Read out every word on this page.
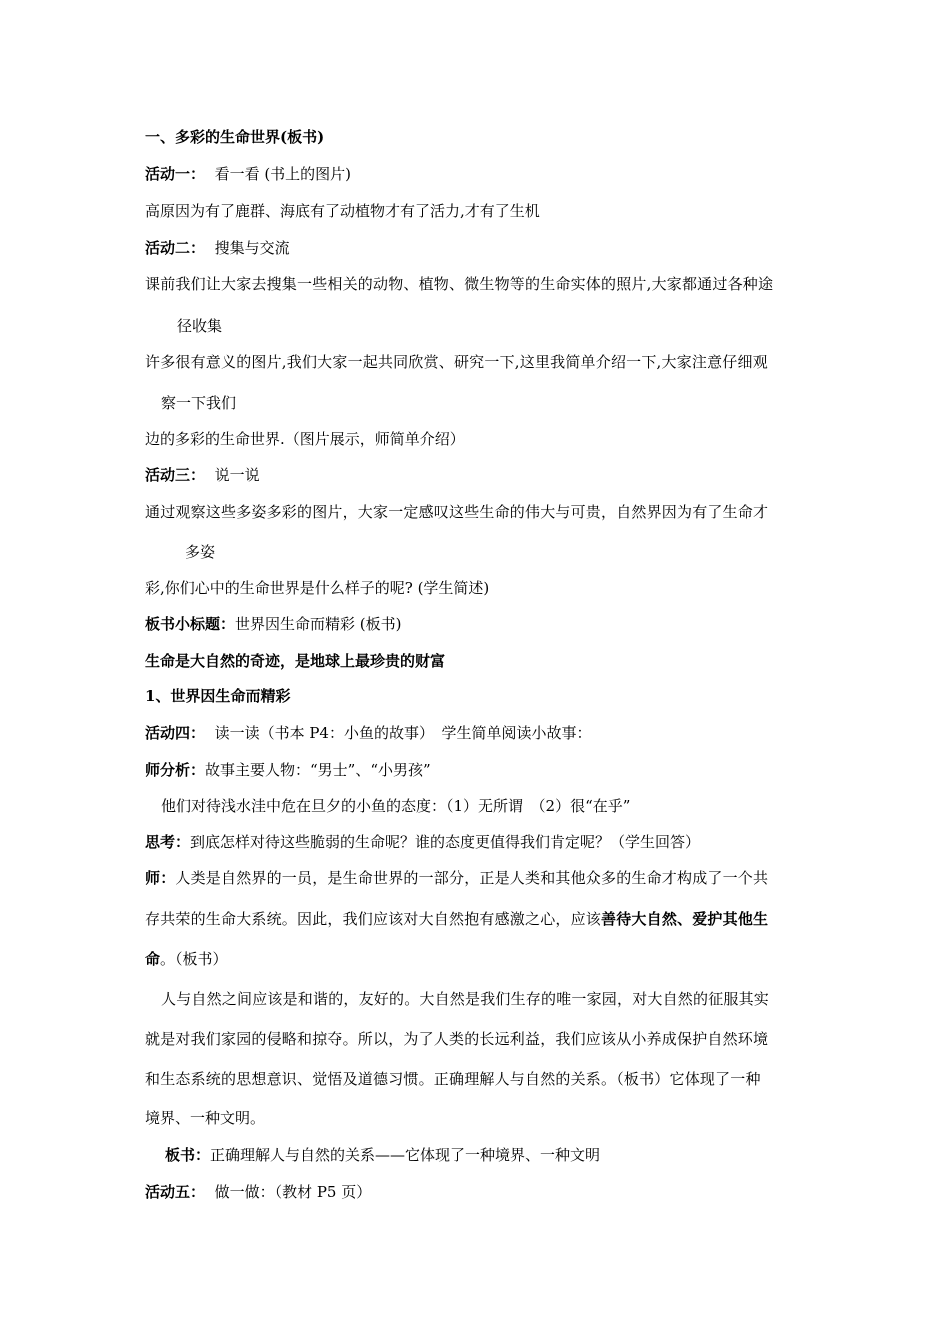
一、多彩的生命世界(板书)
活动一： 看一看 (书上的图片)
高原因为有了鹿群、海底有了动植物才有了活力,才有了生机
活动二： 搜集与交流
课前我们让大家去搜集一些相关的动物、植物、微生物等的生命实体的照片,大家都通过各种途
径收集
许多很有意义的图片,我们大家一起共同欣赏、研究一下,这里我简单介绍一下,大家注意仔细观
察一下我们
边的多彩的生命世界.（图片展示，师简单介绍）
活动三： 说一说
通过观察这些多姿多彩的图片，大家一定感叹这些生命的伟大与可贵，自然界因为有了生命才
多姿
彩,你们心中的生命世界是什么样子的呢? (学生简述)
板书小标题：世界因生命而精彩 (板书)
生命是大自然的奇迹，是地球上最珍贵的财富
1、世界因生命而精彩
活动四： 读一读（书本 P4：小鱼的故事）　学生简单阅读小故事：
师分析：故事主要人物：“男士”、“小男孩”
他们对待浅水洼中危在旦夕的小鱼的态度：（1）无所谓　（2）很“在乎”
思考：到底怎样对待这些脆弱的生命呢？谁的态度更值得我们肯定呢？（学生回答）
师：人类是自然界的一员，是生命世界的一部分，正是人类和其他众多的生命才构成了一个共
存共荣的生命大系统。因此，我们应该对大自然抱有感激之心，应该善待大自然、爱护其他生
命。（板书）
人与自然之间应该是和谐的，友好的。大自然是我们生存的唯一家园，对大自然的征服其实
就是对我们家园的侵略和掠夺。所以，为了人类的长远利益，我们应该从小养成保护自然环境
和生态系统的思想意识、觉悟及道德习惯。正确理解人与自然的关系。（板书）它体现了一种
境界、一种文明。
板书：正确理解人与自然的关系——它体现了一种境界、一种文明
活动五： 做一做：（教材 P5 页）
